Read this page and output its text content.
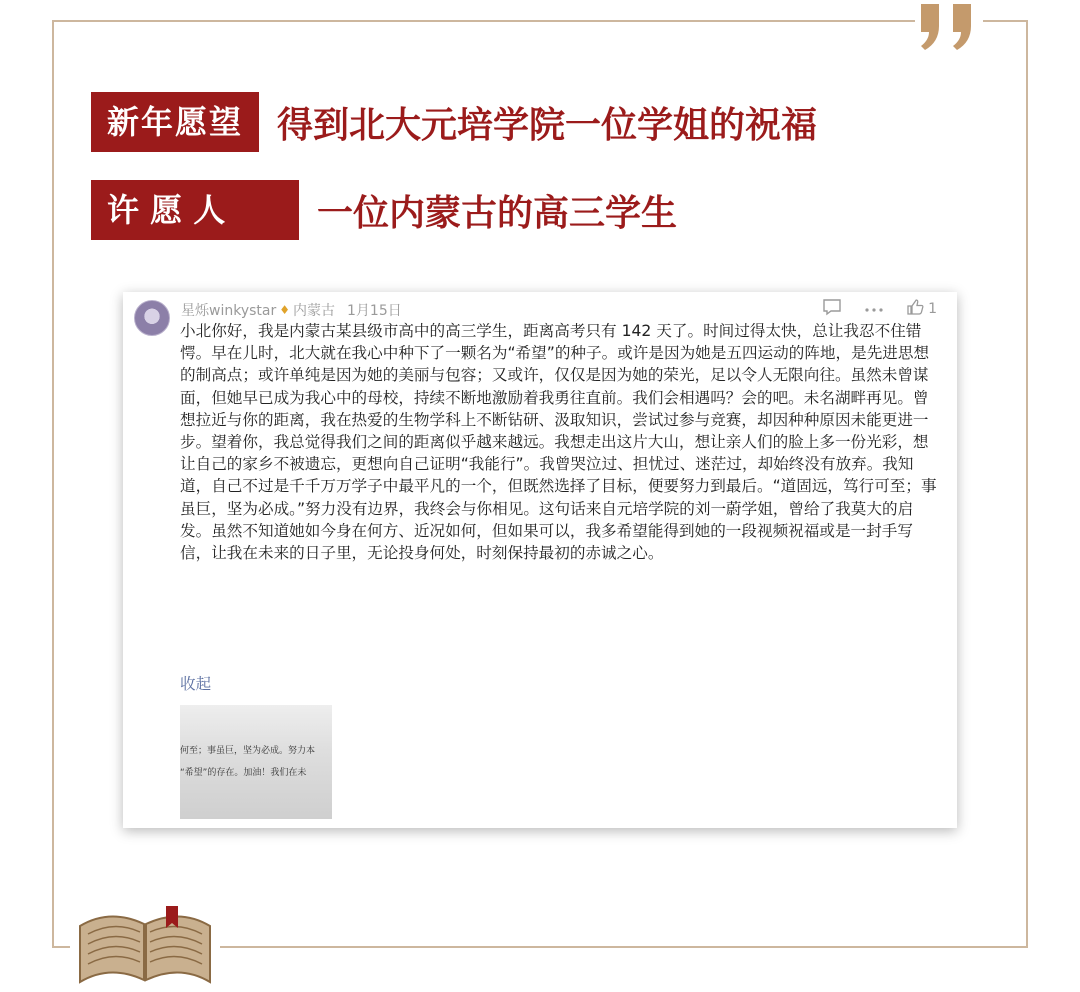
新年愿望 得到北大元培学院一位学姐的祝福
许 愿 人	一位内蒙古的高三学生
星烁winkystar ♦ 内蒙古 1月15日	1
小北你好，我是内蒙古某县级市高中的高三学生，距离高考只有 142 天了。时间过得太快，总让我忍不住错愕。早在儿时，北大就在我心中种下了一颗名为“希望”的种子。或许是因为她是五四运动的阵地，是先进思想的制高点；或许单纯是因为她的美丽与包容；又或许，仅仅是因为她的荣光，足以令人无限向往。虽然未曾谋面，但她早已成为我心中的母校，持续不断地激励着我勇往直前。我们会相遇吗？会的吧。未名湖畔再见。曾想拉近与你的距离，我在热爱的生物学科上不断钻研、汲取知识，尝试过参与竞赛，却因种种原因未能更进一步。望着你，我总觉得我们之间的距离似乎越来越远。我想走出这片大山，想让亲人们的脸上多一份光彩，想让自己的家乡不被遗忘，更想向自己证明“我能行”。我曾哭泣过、担忧过、迷茫过，却始终没有放弃。我知道，自己不过是千千万万学子中最平凡的一个，但既然选择了目标，便要努力到最后。“道固远，笃行可至；事虽巨，坚为必成。”努力没有边界，我终会与你相见。这句话来自元培学院的刘一蔚学姐，曾给了我莫大的启发。虽然不知道她如今身在何方、近况如何，但如果可以，我多希望能得到她的一段视频祝福或是一封手写信，让我在未来的日子里，无论投身何处，时刻保持最初的赤诚之心。
收起
何至；事虽巨，坚为必成。努力本
“希望”的存在。加油！我们在未
